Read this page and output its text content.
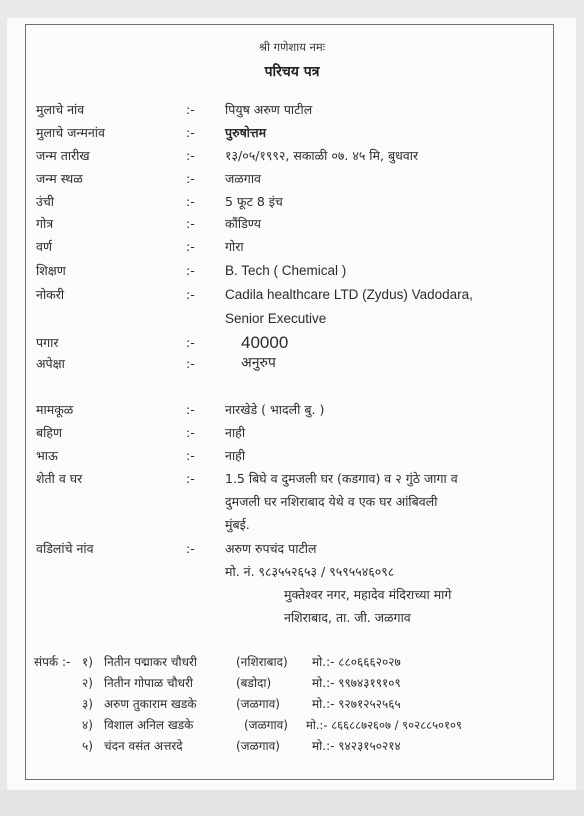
श्री गणेशाय नमः
परिचय पत्र
मुलाचे नांव	:- पियुष अरुण पाटील
मुलाचे जन्मनांव	:- पुरुषोत्तम
जन्म तारीख	:- १३/०५/१९९२, सकाळी ०७. ४५ मि, बुधवार
जन्म स्थळ	:- जळगाव
उंची	:- 5 फूट 8 इंच
गोत्र	:- कौंडिण्य
वर्ण	:- गोरा
शिक्षण	:- B. Tech ( Chemical )
नोकरी	:- Cadila healthcare LTD (Zydus) Vadodara,
Senior Executive
पगार	:-	40000
अपेक्षा	:-	अनुरुप
मामकूळ	:- नारखेडे ( भादली बु. )
बहिण	:- नाही
भाऊ	:- नाही
शेती व घर	:- 1.5 बिघे व दुमजली घर (कडगाव) व २ गुंठे जागा व
दुमजली घर नशिराबाद येथे व एक घर आंबिवली
मुंबई.
वडिलांचे नांव	:- अरुण रुपचंद पाटील
मो. नं. ९८३५५२६५३ / ९५९५५४६०९८
मुक्तेश्वर नगर, महादेव मंदिराच्या मागे
नशिराबाद, ता. जी. जळगाव
संपर्क :- १) नितीन पद्माकर चौधरी	(नशिराबाद) मो.:- ८८०६६६२०२७
२) नितीन गोपाळ चौधरी	(बडोदा)	मो.:- ९९७४३१९१०९
३) अरुण तुकाराम खडके	(जळगाव)	मो.:- ९२७१२५२५६५
४) विशाल अनिल खडके	(जळगाव) मो.:- ८६६८८७२६०७ / ९०२८८५०१०९
५) चंदन वसंत अत्तरदे	(जळगाव)	मो.:- ९४२३१५०२१४
